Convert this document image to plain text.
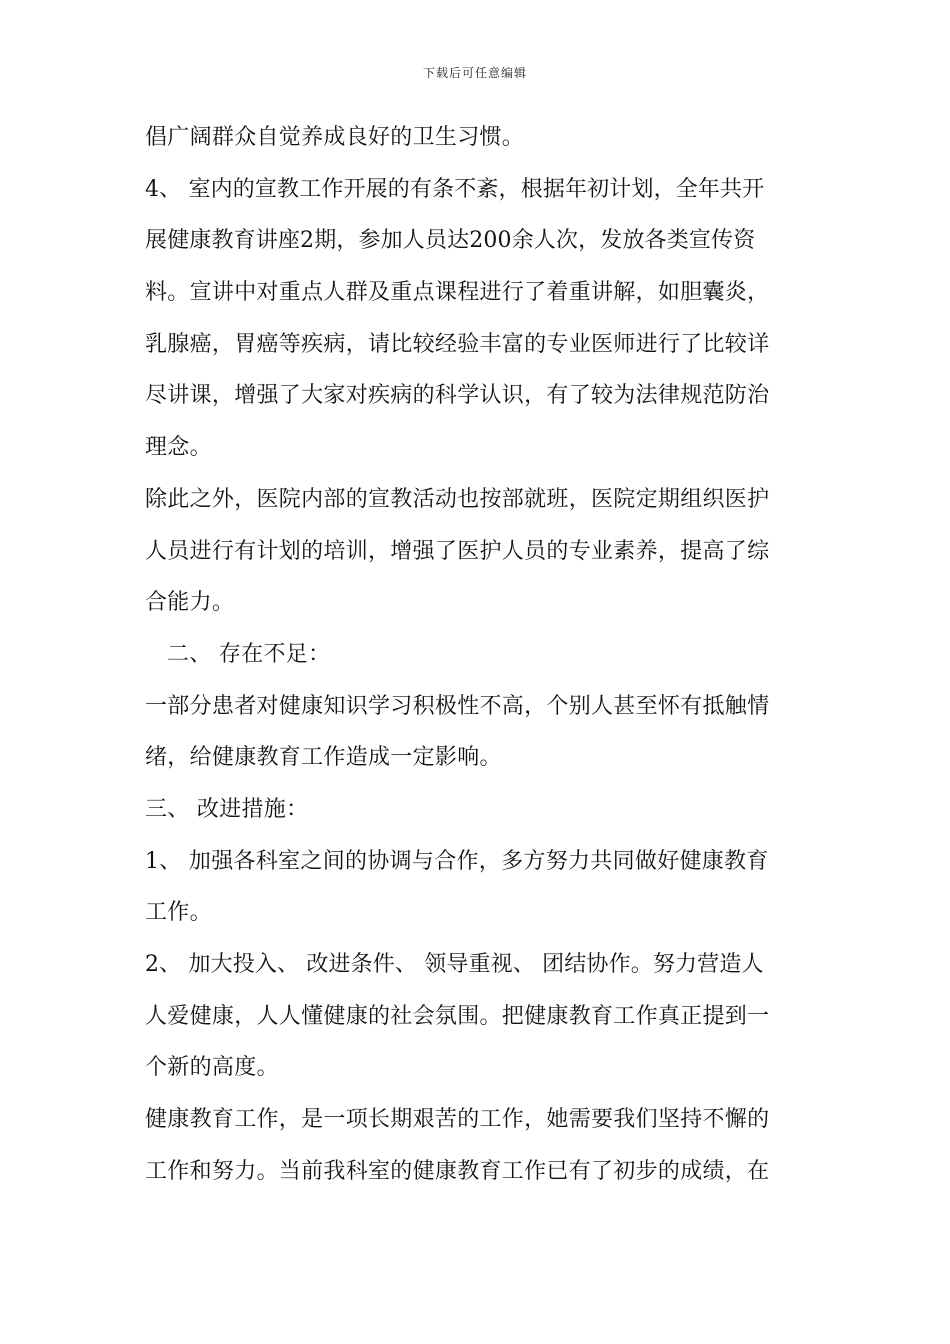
下载后可任意编辑
倡广阔群众自觉养成良好的卫生习惯。
4、 室内的宣教工作开展的有条不紊，根据年初计划，全年共开
展健康教育讲座2期，参加人员达200余人次，发放各类宣传资
料。宣讲中对重点人群及重点课程进行了着重讲解，如胆囊炎，
乳腺癌，胃癌等疾病，请比较经验丰富的专业医师进行了比较详
尽讲课，增强了大家对疾病的科学认识，有了较为法律规范防治
理念。
除此之外，医院内部的宣教活动也按部就班，医院定期组织医护
人员进行有计划的培训，增强了医护人员的专业素养，提高了综
合能力。
二、 存在不足：
一部分患者对健康知识学习积极性不高，个别人甚至怀有抵触情
绪，给健康教育工作造成一定影响。
三、 改进措施：
1、 加强各科室之间的协调与合作，多方努力共同做好健康教育
工作。
2、 加大投入、 改进条件、 领导重视、 团结协作。努力营造人
人爱健康，人人懂健康的社会氛围。把健康教育工作真正提到一
个新的高度。
健康教育工作，是一项长期艰苦的工作，她需要我们坚持不懈的
工作和努力。当前我科室的健康教育工作已有了初步的成绩，在
